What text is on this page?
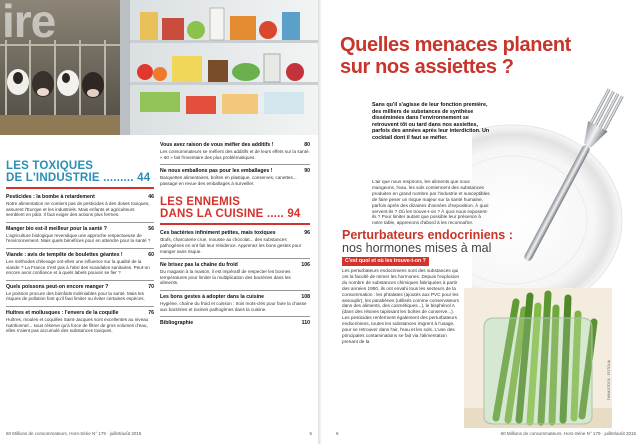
ire
LES TOXIQUES
DE L'INDUSTRIE ......... 44
Pesticides : la bombe à retardement	46
Notre alimentation ne contient pas de pesticides à des doses toxiques, assurent l'Europe et les industriels. Mais enfants et agriculteurs semblent en pâtir. Il faut exiger des actions plus fermes.
Manger bio est-il meilleur pour la santé ?	56
L'agriculture biologique revendique une approche respectueuse de l'environnement. Mais quels bénéfices pour en attendre pour la santé ?
Viande : avis de tempête de boulettes géantes !	60
Les méthodes d'élevage ont-elles une influence sur la qualité de la viande ? La France n'est pas à l'abri des scandales sanitaires. Peut-on encore avoir confiance et à quels labels pouvoir se fier ?
Quels poissons peut-on encore manger ?	70
Le poisson procure des bienfaits indéniables pour la santé. Mais les risques de pollution font qu'il faut limiter ou éviter certaines espèces.
Huîtres et mollusques : l'envers de la coquille	76
Huîtres, moules et coquilles Saint-Jacques sont excellentes au niveau nutritionnel... sous réserve qu'à force de filtrer de gros volumes d'eau, elles n'aient pas accumulé des substances toxiques.
Vous avez raison de vous méfier des additifs !	80
Les consommateurs se méfient des additifs et de leurs effets sur la santé. « 60 » fait l'inventaire des plus problématiques.
Ne nous emballons pas pour les emballages !	90
Barquettes alimentaires, boîtes en plastique, conserves, canettes... passage en revue des emballages à surveiller.
LES ENNEMIS
DANS LA CUISINE ..... 94
Ces bactéries infiniment petites, mais toxiques	96
Œufs, charcuterie crue, mousse au chocolat... des substances pathogènes en ont fait leur résidence. Apprenez les bons gestes pour manger sans risque.
Ne brisez pas la chaîne du froid	106
Du magasin à la maison, il est impératif de respecter les bonnes températures pour limiter la multiplication des bactéries dans les aliments.
Les bons gestes à adopter dans la cuisine	108
Hygiène, chaîne du froid et cuisson : trois mots-clés pour faire la chasse aux bactéries et toxines pathogènes dans la cuisine.
Bibliographie	110
60 Millions de consommateurs. Hors-Série N° 179 · juillet/août 2015	5
Quelles menaces planent sur nos assiettes ?
Sans qu'il s'agisse de leur fonction première, des milliers de substances de synthèse disséminées dans l'environnement se retrouvent tôt ou tard dans nos assiettes, parfois des années après leur interdiction. Un cocktail dont il faut se méfier.
L'air que nous respirons, les aliments que nous mangeons, l'eau, les sols contiennent des substances produites en grand nombre par l'industrie et susceptibles de faire peser un risque majeur sur la santé humaine, parfois après des dizaines d'années d'exposition. À quoi servent-ils ? Où les trouve-t-on ? À quoi nous exposent-ils ? Pour limiter autant que possible leur présence à notre table, apprenons d'abord à les reconnaître.
Perturbateurs endocriniens :
nos hormones mises à mal
C'est quoi et où les trouve-t-on ?
Les perturbateurs endocriniens sont des substances qui ont la faculté de mimer les hormones. Depuis l'explosion du nombre de substances chimiques fabriquées à partir des années 1950, ils ont envahi tous les secteurs de la consommation : les phtalates (ajoutés aux PVC pour les assouplir), les parabènes (utilisés comme conservateurs dans des aliments, des cosmétiques...), le bisphénol A (dans des résines tapissant les boîtes de conserve...). Les pesticides renferment également des perturbateurs endocriniens, toutes les substances migrent à l'usage, pour se retrouver dans l'air, l'eau et les sols. L'une des principales contaminations se fait via l'alimentation prenant de la
THINKSTOCK · FOTOLIA
6	60 Millions de consommateurs. Hors-Série N° 179 · juillet/août 2015
